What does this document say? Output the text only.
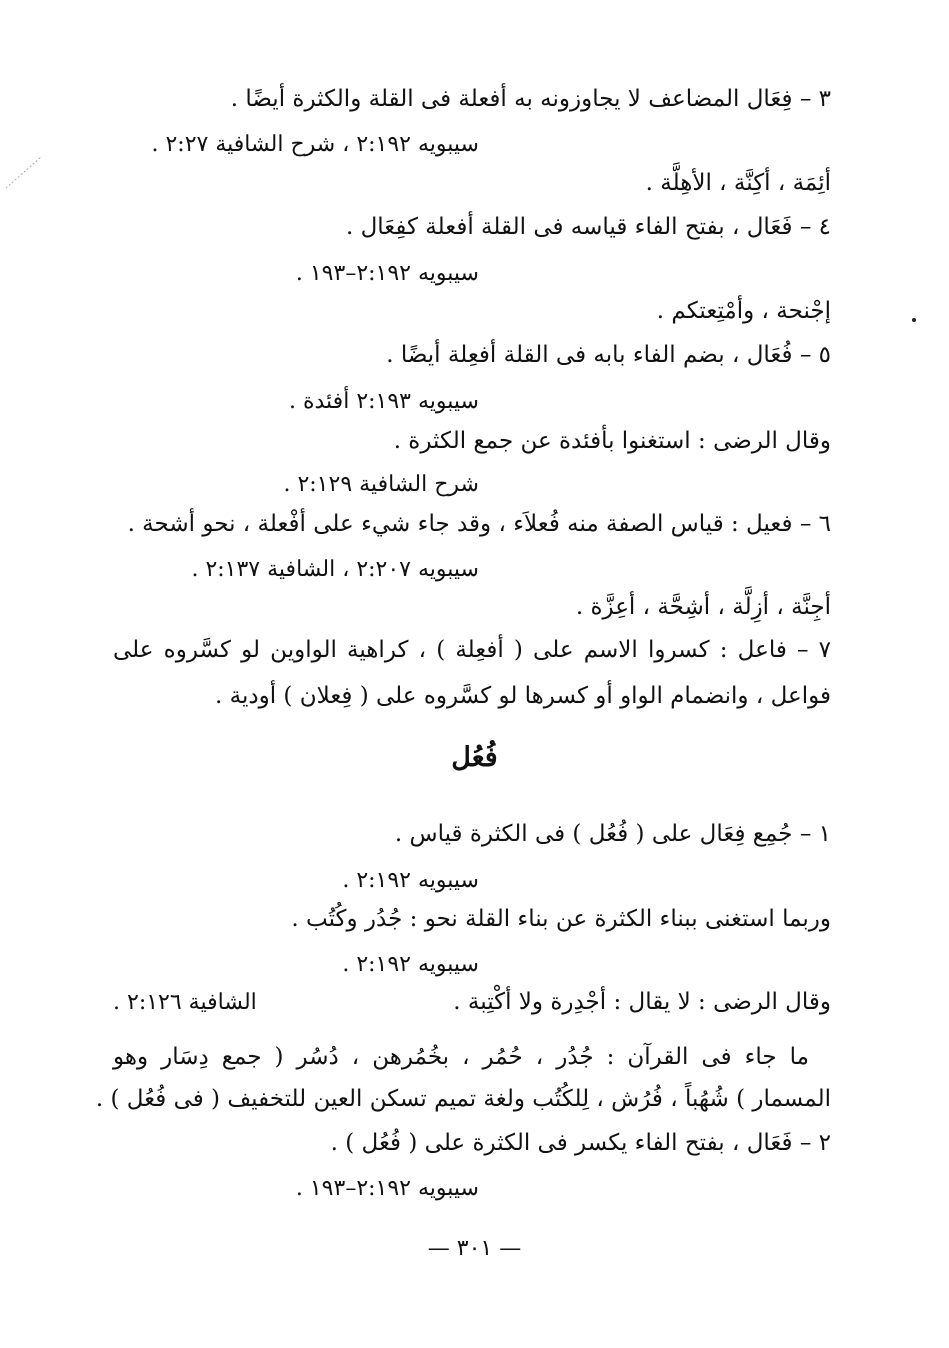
٣ – فِعَال المضاعف لا يجاوزونه به أفعلة فى القلة والكثرة أيضًا .
سيبويه ٢:١٩٢ ، شرح الشافية ٢:٢٧ .
أئِمَة ، أكِنَّة ، الأهِلَّة .
٤ – فَعَال ، بفتح الفاء قياسه فى القلة أفعلة كفِعَال .
سيبويه ٢:١٩٢–١٩٣ .
إجْنحة ، وأمْتِعتكم .
٥ – فُعَال ، بضم الفاء بابه فى القلة أفعِلة أيضًا .
سيبويه ٢:١٩٣ أفئدة .
وقال الرضى : استغنوا بأفئدة عن جمع الكثرة .
شرح الشافية ٢:١٢٩ .
٦ – فعيل : قياس الصفة منه فُعلاَء ، وقد جاء شيء على أفْعلة ، نحو أشحة .
سيبويه ٢:٢٠٧ ، الشافية ٢:١٣٧ .
أجِنَّة ، أزِلَّة ، أشِحَّة ، أعِزَّة .
٧ – فاعل : كسروا الاسم على ( أفعِلة ) ، كراهية الواوين لو كسَّروه على
فواعل ، وانضمام الواو أو كسرها لو كسَّروه على ( فِعلان ) أودية .
فُعُل
١ – جُمِع فِعَال على ( فُعُل ) فى الكثرة قياس .
سيبويه ٢:١٩٢ .
وربما استغنى ببناء الكثرة عن بناء القلة نحو : جُدُر وكُتُب .
سيبويه ٢:١٩٢ .
وقال الرضى : لا يقال : أجْدِرة ولا أكْتِبة .
الشافية ٢:١٢٦ .
ما جاء فى القرآن : جُدُر ، حُمُر ، بخُمُرهن ، دُسُر ( جمع دِسَار وهو
المسمار ) شُهُباً ، فُرُش ، لِلكُتُب ولغة تميم تسكن العين للتخفيف ( فى فُعُل ) .
٢ – فَعَال ، بفتح الفاء يكسر فى الكثرة على ( فُعُل ) .
سيبويه ٢:١٩٢–١٩٣ .
— ٣٠١ —
